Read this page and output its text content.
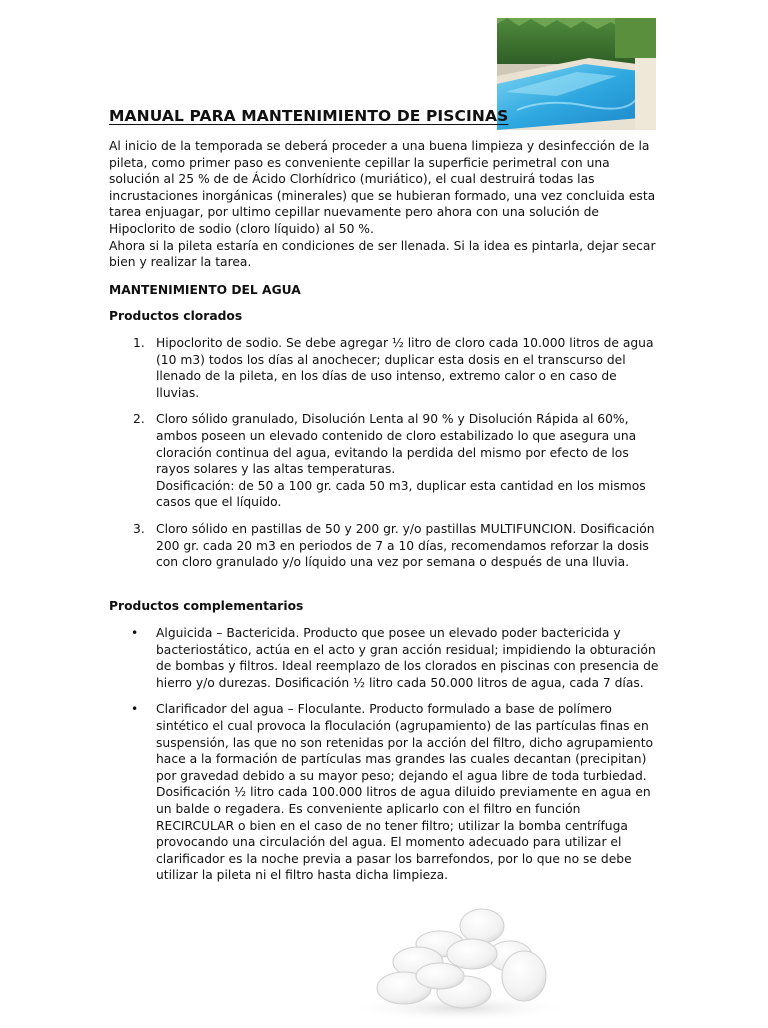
MANUAL PARA MANTENIMIENTO DE PISCINAS

Al inicio de la temporada se deberá proceder a una buena limpieza y desinfección de la pileta, como primer paso es conveniente cepillar la superficie perimetral con una solución al 25 % de de Ácido Clorhídrico (muriático), el cual destruirá todas las incrustaciones inorgánicas (minerales) que se hubieran formado, una vez concluida esta tarea enjuagar, por ultimo cepillar nuevamente pero ahora con una solución de Hipoclorito de sodio (cloro líquido) al 50 %.

Ahora si la pileta estaría en condiciones de ser llenada. Si la idea es pintarla, dejar secar bien y realizar la tarea.

MANTENIMIENTO DEL AGUA
Productos clorados
1. Hipoclorito de sodio. Se debe agregar ½ litro de cloro cada 10.000 litros de agua (10 m3) todos los días al anochecer; duplicar esta dosis en el transcurso del llenado de la pileta, en los días de uso intenso, extremo calor o en caso de lluvias.

2. Cloro sólido granulado, Disolución Lenta al 90 % y Disolución Rápida al 60%, ambos poseen un elevado contenido de cloro estabilizado lo que asegura una cloración continua del agua, evitando la perdida del mismo por efecto de los rayos solares y las altas temperaturas.

Dosificación: de 50 a 100 gr. cada 50 m3, duplicar esta cantidad en los mismos casos que el líquido.

3. Cloro sólido en pastillas de 50 y 200 gr. y/o pastillas MULTIFUNCION. Dosificación 200 gr. cada 20 m3 en periodos de 7 a 10 días, recomendamos reforzar la dosis con cloro granulado y/o líquido una vez por semana o después de una lluvia.

Productos complementarios
• Alguicida – Bactericida. Producto que posee un elevado poder bactericida y bacteriostático, actúa en el acto y gran acción residual; impidiendo la obturación de bombas y filtros. Ideal reemplazo de los clorados en piscinas con presencia de hierro y/o durezas. Dosificación ½ litro cada 50.000 litros de agua, cada 7 días.

• Clarificador del agua – Floculante. Producto formulado a base de polímero sintético el cual provoca la floculación (agrupamiento) de las partículas finas en suspensión, las que no son retenidas por la acción del filtro, dicho agrupamiento hace a la formación de partículas mas grandes las cuales decantan (precipitan) por gravedad debido a su mayor peso; dejando el agua libre de toda turbiedad. Dosificación ½ litro cada 100.000 litros de agua diluido previamente en agua en un balde o regadera. Es conveniente aplicarlo con el filtro en función RECIRCULAR o bien en el caso de no tener filtro; utilizar la bomba centrífuga provocando una circulación del agua. El momento adecuado para utilizar el clarificador es la noche previa a pasar los barrefondos, por lo que no se debe utilizar la pileta ni el filtro hasta dicha limpieza.
